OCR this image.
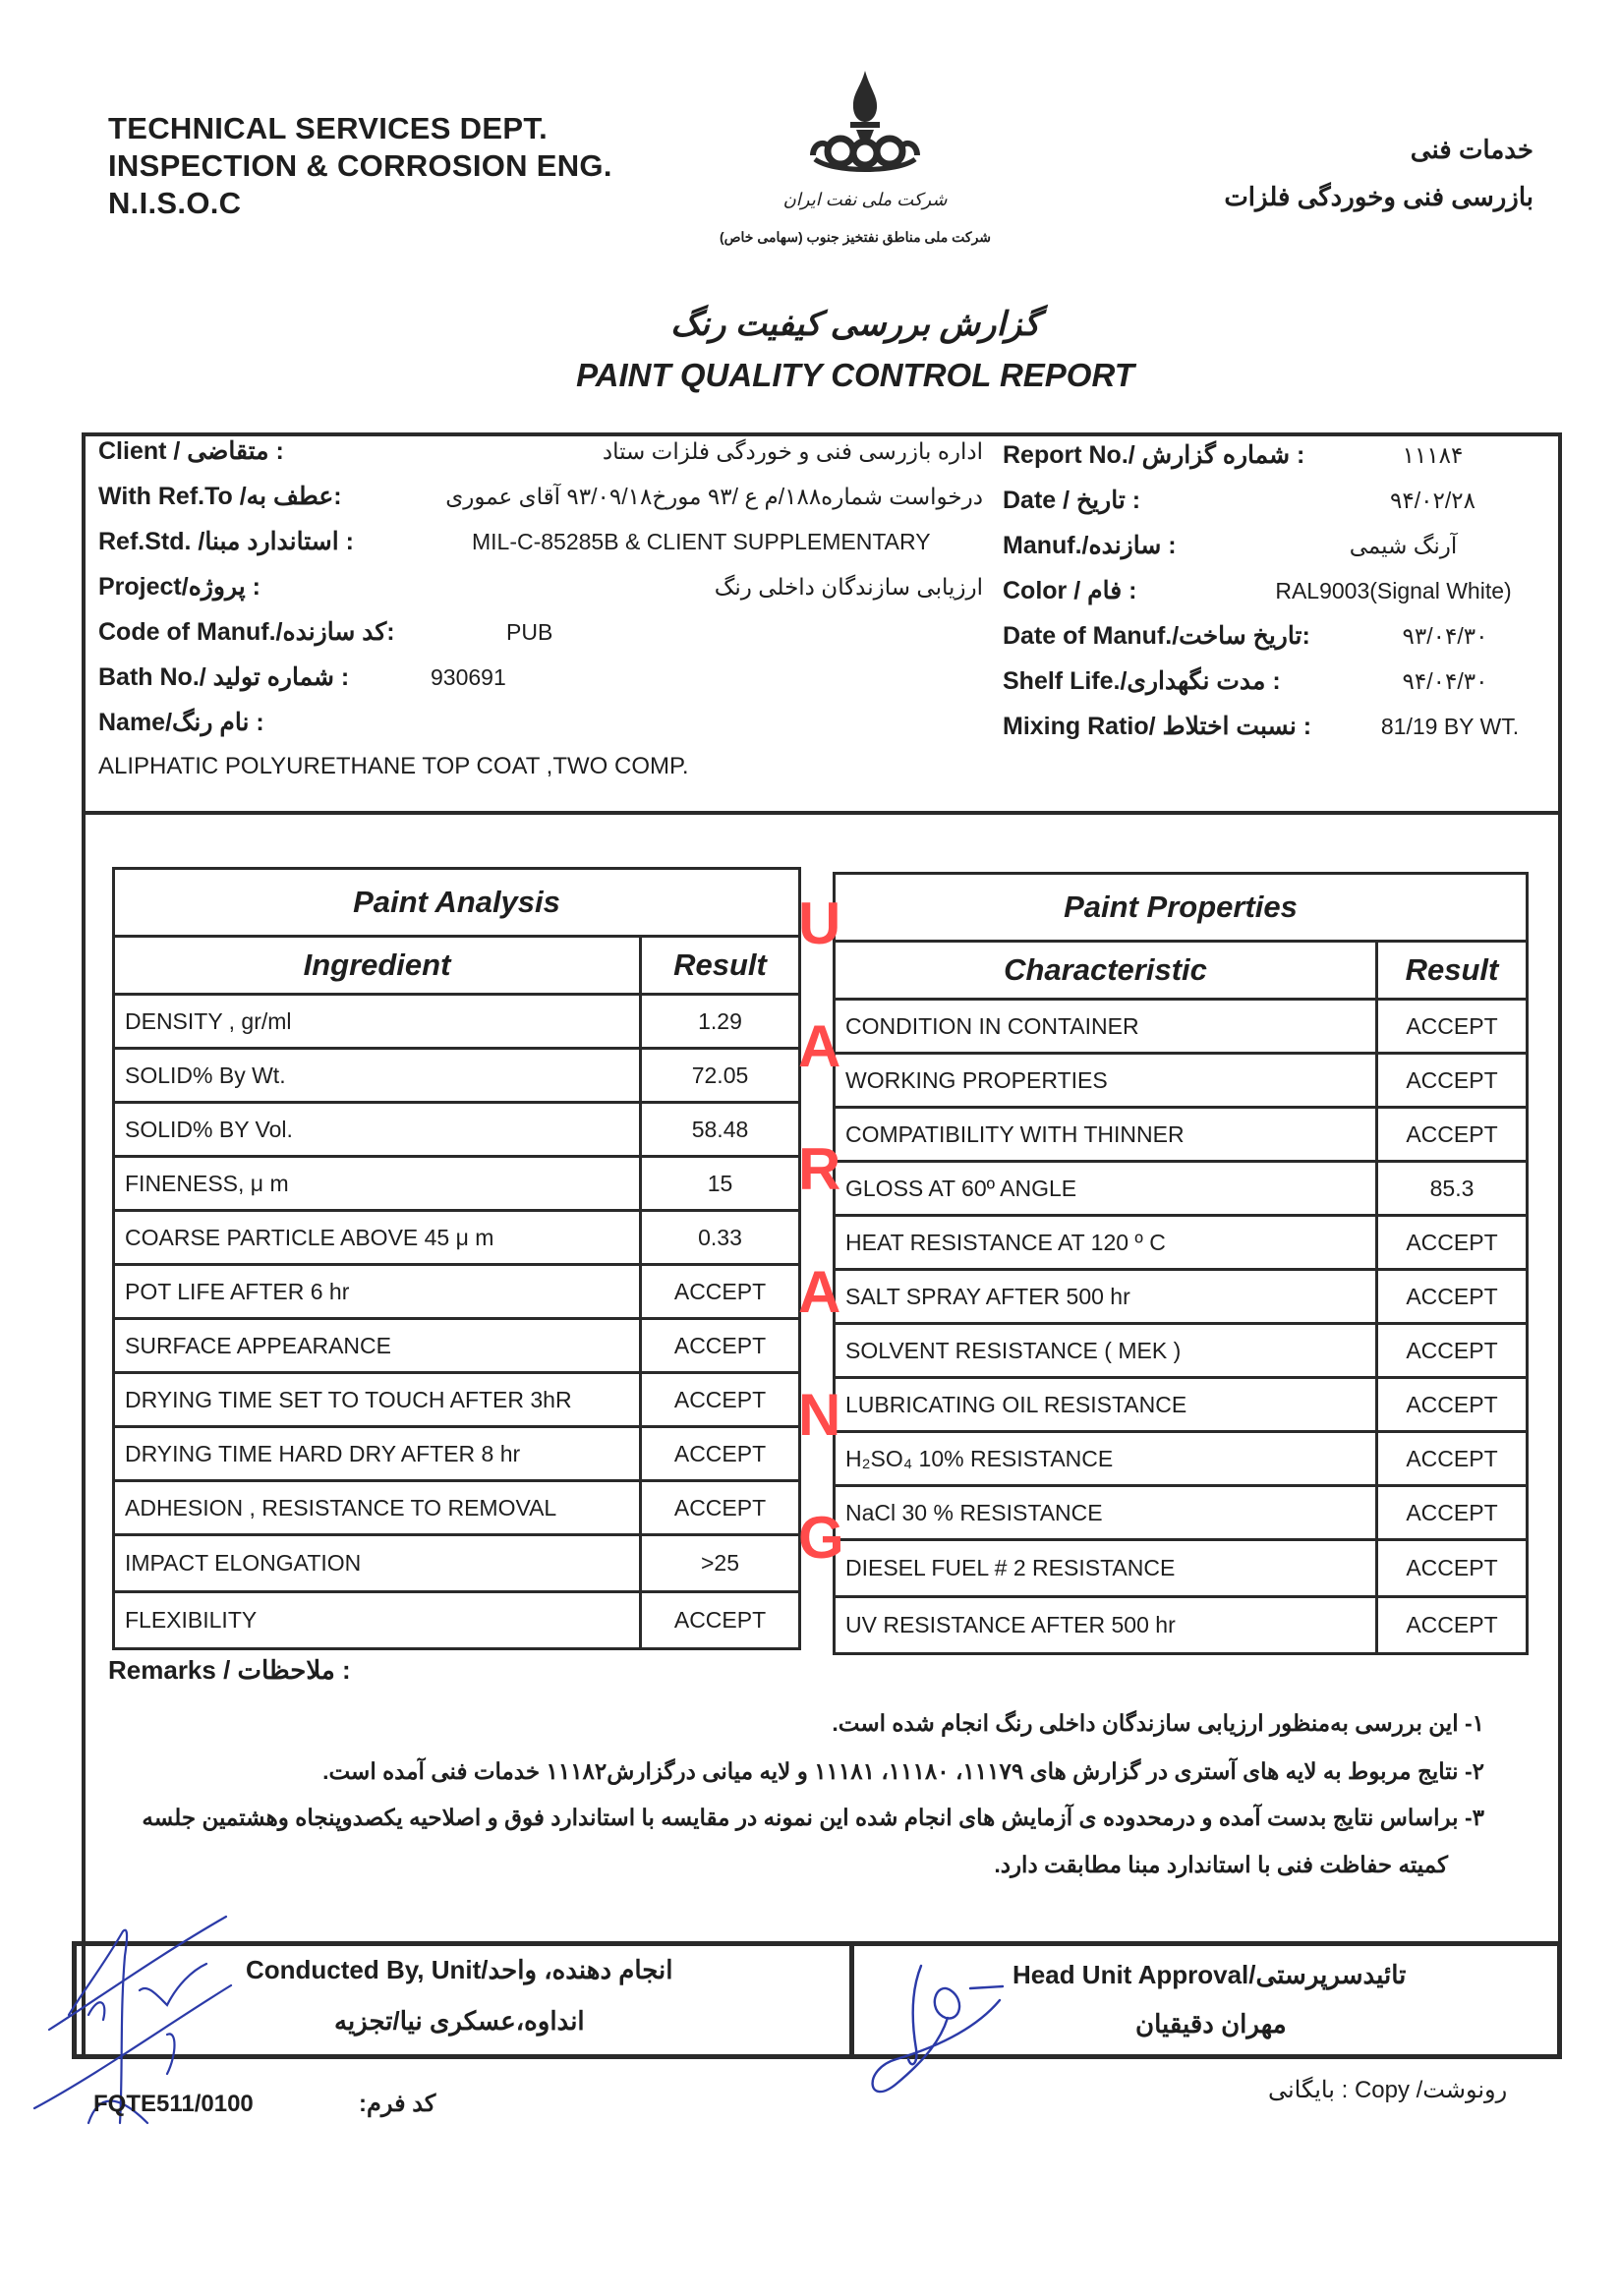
TECHNICAL SERVICES DEPT.
INSPECTION & CORROSION ENG.
N.I.S.O.C	شرکت ملی نفت ایران
شرکت ملی مناطق نفتخیز جنوب (سهامی خاص)
خدمات فنی
بازرسی فنی وخوردگی فلزات
گزارش بررسی کیفیت رنگ
PAINT QUALITY CONTROL REPORT
Client / متقاضی :	اداره بازرسی فنی و خوردگی فلزات ستاد
With Ref.To /عطف به:	درخواست شماره۱۸۸/م ع /۹۳ مورخ۹۳/۰۹/۱۸ آقای عموری
Ref.Std. /استاندارد مبنا :	MIL-C-85285B & CLIENT SUPPLEMENTARY
Project/پروژه :	ارزیابی سازندگان داخلی رنگ
Code of Manuf./کد سازنده:	PUB
Bath No./ شماره تولید :	930691
Name/نام رنگ :
ALIPHATIC POLYURETHANE TOP COAT ,TWO COMP.
Report No./ شماره گزارش :	۱۱۱۸۴
Date / تاریخ :	۹۴/۰۲/۲۸
Manuf./سازنده :	آرنگ شیمی
Color / فام :	RAL9003(Signal White)
Date of Manuf./تاریخ ساخت:	۹۳/۰۴/۳۰
Shelf Life./مدت نگهداری :	۹۴/۰۴/۳۰
Mixing Ratio/ نسبت اختلاط :	81/19 BY WT.
Paint Analysis	
Ingredient	Result
DENSITY , gr/ml	1.29
SOLID% By Wt.	72.05
SOLID% BY Vol.	58.48
FINENESS, μ m	15
COARSE PARTICLE ABOVE 45 μ m	0.33
POT LIFE AFTER 6 hr	ACCEPT
SURFACE APPEARANCE	ACCEPT
DRYING TIME SET TO TOUCH AFTER 3hR	ACCEPT
DRYING TIME HARD DRY AFTER 8 hr	ACCEPT
ADHESION , RESISTANCE TO REMOVAL	ACCEPT
IMPACT ELONGATION	>25
FLEXIBILITY	ACCEPT
Paint Properties	
Characteristic	Result
CONDITION IN CONTAINER	ACCEPT
WORKING PROPERTIES	ACCEPT
COMPATIBILITY WITH THINNER	ACCEPT
GLOSS AT 60º ANGLE	85.3
HEAT RESISTANCE AT 120 º C	ACCEPT
SALT SPRAY AFTER 500 hr	ACCEPT
SOLVENT RESISTANCE ( MEK )	ACCEPT
LUBRICATING OIL RESISTANCE	ACCEPT
H₂SO₄ 10% RESISTANCE	ACCEPT
NaCl 30 % RESISTANCE	ACCEPT
DIESEL FUEL # 2 RESISTANCE	ACCEPT
UV RESISTANCE AFTER 500 hr	ACCEPT
U
A
R
A
N
G
Remarks / ملاحظات :
۱- این بررسی به‌منظور ارزیابی سازندگان داخلی رنگ انجام شده است.
۲- نتایج مربوط به لایه های آستری در گزارش های ۱۱۱۷۹، ۱۱۱۸۰، ۱۱۱۸۱ و لایه میانی درگزارش۱۱۱۸۲ خدمات فنی آمده است.
۳- براساس نتایج بدست آمده و درمحدوده ی آزمایش های انجام شده این نمونه در مقایسه با استاندارد فوق و اصلاحیه یکصدوپنجاه وهشتمین جلسه
کمیته حفاظت فنی با استاندارد مبنا مطابقت دارد.
انجام دهنده، واحد/Conducted By, Unit
انداوه،عسکری نیا/تجزیه
تائیدسرپرستی/Head Unit Approval
مهران دقیقیان
FQTE511/0100	کد فرم:
رونوشت/ Copy : بایگانی
